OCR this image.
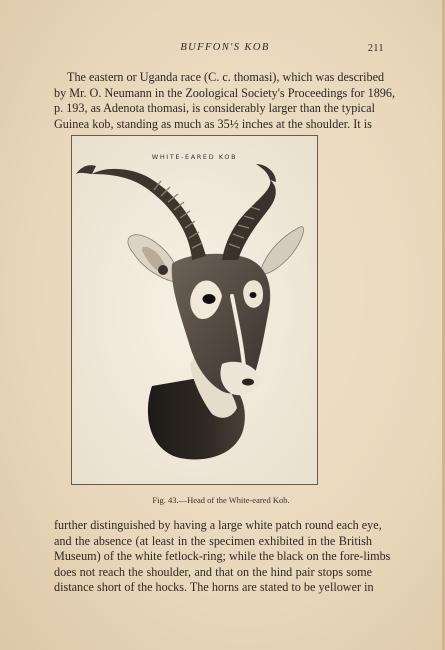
BUFFON'S KOB	211

The eastern or Uganda race (C. c. thomasi), which was described
by Mr. O. Neumann in the Zoological Society's Proceedings for 1896,
p. 193, as Adenota thomasi, is considerably larger than the typical
Guinea kob, standing as much as 35½ inches at the shoulder. It is

WHITE-EARED KOB
Fig. 43.—Head of the White-eared Kob.

further distinguished by having a large white patch round each eye,
and the absence (at least in the specimen exhibited in the British
Museum) of the white fetlock-ring; while the black on the fore-limbs
does not reach the shoulder, and that on the hind pair stops some
distance short of the hocks. The horns are stated to be yellower in
